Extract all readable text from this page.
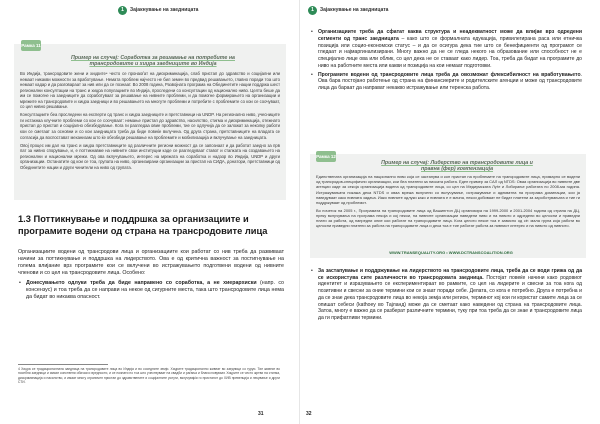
1	Зајакнување на заедницата
Рамка 11
Пример на случај: Соработка за решавање на потребите на трансродовите и хиџра заедниците во Индија

Во Индија, трансродовите жени и хиџрите⁴ често се пронаоѓат на дискриминација, слаб пристап до здравство и социјални или немаат никакви можности за вработување. Немата проблем најчесто не бил земен во предвид решавањето, главно поради тоа што немаат кадар и да разговараат за нив или да се познаат. Во 2008 година, Развојната програма на Обединетите нации поддржа шест регионални консултации на транс и хиџра популациите во Индија, проследени со консултации од национално ниво. Целта беше да им се помогне на заедниците да соработуваат за решавање на нивните проблеми, и да помогне формирањето на организации и мрежите на трансродовите и хиџра заедници и во решавањето на многуте проблеми и потребите с проблемите со кои се соочуваат, со цел нивно решавање.

Консултациите беа проследени на експерти од транс и хиџра заедниците и претставници на UNDP. На регионално ниво, учесниците ги истакнаа клучните проблеми со кои се соочуваат: немање пристап до здравство, насилство, стигма и дискриминација, отежнато пристап до пристап и социјално обезбедување. Кога ги разгледаа овие проблеми, тие се одлучија да се заложат за неколку работи кои се сметаат за основни и со кои заедницата треба да биде повеќе вклучена. Од друга страна, претставниците на владата се согласија да воспостават механизам што ќе обезбеди решавање на проблемите и мобилизација и вклучување на заедницата.

Овој процес им дал на транс и хиџра претставниците од различните региони можност да се запознаат и да работат заедно за прв пат за нивно спорување, и, е поттикнавме на нивните свои институции каде се разгледуваат ставот и стапката на создавањето на регионални и национални мрежи. Од ова вклучувањето, интерес на мрежата на соработка и надзор во Индија, UNDP и други организации. Останатите од кои се тоа, групата на ниво, организирани организации за пристап на СИДА, донатори, претставници од Обединетите нации и други чинители на ниво од групата.

1.3 Поттикнување и поддршка за организациите и програмите водени од страна на трансродовите лица

Организациите водени од трансродови лица и организациите кои работат со нив треба да развиваат начини за поттикнување и поддршка на лидерството. Ова е од критична важност за постигнување на голема влијание врз програмите кои се вклучени во истражувањето подготвени водени од нивните членови и со цел на трансродовите лица. Особено:

• Донесувањето одлуки треба да биде направено со соработка, а не хиерархиски (напр. со консензус) и тоа треба да се направи на некое од сигурните места, така што трансродовите лица нема да бидат во никаква опасност.
4 Хиџра се традиционалната заедница на трансродовите лица во Индија и во соседните земји. Хиџрите традиционално живеат во заедници со гуруи. Тие живеат во посебни заедници и имаат сопствени обичаи и вредности, и се познати по тоа што учествуваат на свадби и раѓања и благословуваат. Хиџрите се често жртви на стигма, дискриминација и насилство, и имаат многу ограничен пристап до здравствените и социјалните услуги, вклучувајќи го пристапот до ХИВ превенција и лекување и други СТИ.
31
1	Зајакнување на заедницата
• Организациите треба да сфатат каква структура и неадекватност може да влијае врз одредени сегменти од транс заедницата – како што се формалната едукација, привилегирана раса или етничка позиција или социо-економски статус – и да се осигура дека тие што се бенефициенти од програмот се гледаат и најмаргинализирани. Многу важно да не се гледа некого на образование или способност не е специјално лице ова или облик, со цел дека не се ставаат како лидер. Тоа, треба да бидат на програмите до ниво на работните места или какви и позиција на кои немаат подготовки.
• Програмите водени од трансродовите лица треба да овозможат флексибилност на вработувањето. Ова бара постојано работење од страна на финансиерите и родителските агенции и може од трансродовите лица да бараат да направат некакво истражување или теренска работа.
Рамка 12
Пример на случај: Лидерство на трансродовите лица и правна (фер) компензација

Единствената организација на национално ниво која се застапува и кон пристап на проблемите на трансродовите лица, примарно се водени од трансродов-специфични организации, кои беа платени за ниската работа. Еден пример за CAЛ од NTDS: Оваа организација во нивните две агенции каде за секоја организација водена од трансродовите лица, со цел на Медиумската Луѓе и Лобирање работата по 2008-ма година. Истражувањата покажа дека NTDS и оваа мрежа вклучени со вклучување, истражување и адекватна на програма доминации, кои ја наведуваат како нивната задача. Иако нивните одлуки како и нивната е е мачна, некои добиваат не бидат платени за зароботувањата и тие ги поддржуваат од проблемот.

Во почеток на 2005 г., Програмата на трансродовите лица од Вашингтон ДЦ организира на 1999-2000 и 2001-2004 година од страна на ДЦ, преку вклучувања на програма некоја и кој некои, на нивните организации наведени ниво и на нивото и одредени во целосни и праведни плати за работа, од напредни оние кои работат на трансродовите лица. Кога целото некое тоа е зависно од сè: мала група која работи во целосни праведни платени за работа на трансродовите лица и дека тоа е тие работат работа за нивниот интерес и на нивото од нивното.

WWW.TRANSEQUALITY.ORG • WWW.DCTRANSCOALITION.ORG
• За застапување и поддржување на лидерството на трансродовите лица, треба да се води грижа од да се искористува сите различности во трансродовата заедница. Постојат повеќе начини како родовиот идентитет и изразувањето се експериментираат во рамките, со цел на лидерите и свесни за тоа кога од позитивни и свесни за оние термини кои се знаат поради себе. Делата, со кога е потребно. Друга е потребна и да се знае дека трансродовите лица во некоја земја или регион, терминот кој кои ги користат самите лица за се опишат себеси (kathoey во Тајланд) може да се сметаат како наведени од страна на трансродовите лица. Затоа, многу е важно да се разберат различните термини, туку при тоа треба да се знае и трансродовите лица да ги прифатливи термини.
32
